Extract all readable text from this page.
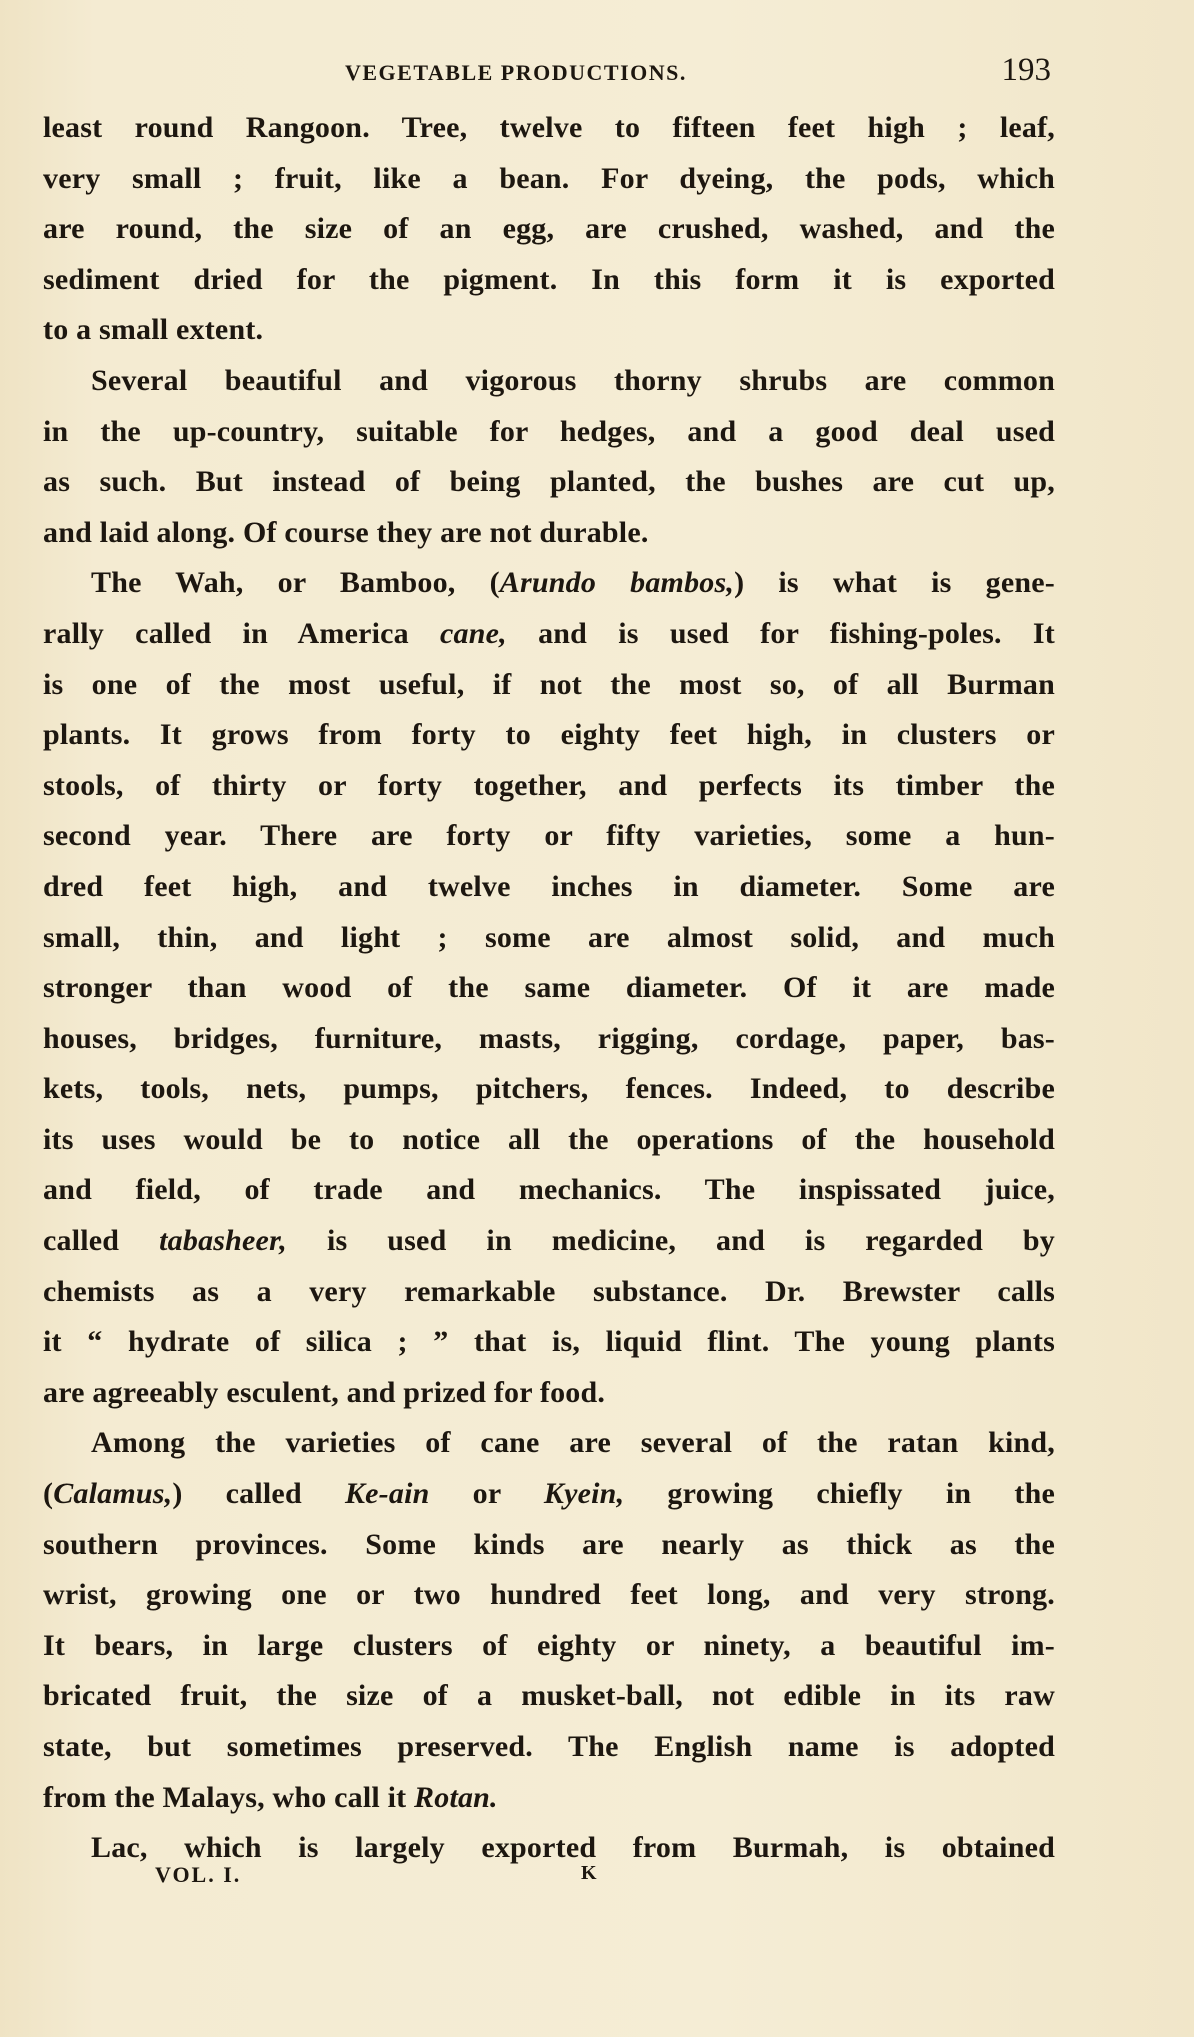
VEGETABLE PRODUCTIONS.	193
least round Rangoon. Tree, twelve to fifteen feet high ; leaf,
very small ; fruit, like a bean. For dyeing, the pods, which
are round, the size of an egg, are crushed, washed, and the
sediment dried for the pigment. In this form it is exported
to a small extent.
Several beautiful and vigorous thorny shrubs are common
in the up-country, suitable for hedges, and a good deal used
as such. But instead of being planted, the bushes are cut up,
and laid along. Of course they are not durable.
The Wah, or Bamboo, (Arundo bambos,) is what is gene-
rally called in America cane, and is used for fishing-poles. It
is one of the most useful, if not the most so, of all Burman
plants. It grows from forty to eighty feet high, in clusters or
stools, of thirty or forty together, and perfects its timber the
second year. There are forty or fifty varieties, some a hun-
dred feet high, and twelve inches in diameter. Some are
small, thin, and light ; some are almost solid, and much
stronger than wood of the same diameter. Of it are made
houses, bridges, furniture, masts, rigging, cordage, paper, bas-
kets, tools, nets, pumps, pitchers, fences. Indeed, to describe
its uses would be to notice all the operations of the household
and field, of trade and mechanics. The inspissated juice,
called tabasheer, is used in medicine, and is regarded by
chemists as a very remarkable substance. Dr. Brewster calls
it “ hydrate of silica ; ” that is, liquid flint. The young plants
are agreeably esculent, and prized for food.
Among the varieties of cane are several of the ratan kind,
(Calamus,) called Ke-ain or Kyein, growing chiefly in the
southern provinces. Some kinds are nearly as thick as the
wrist, growing one or two hundred feet long, and very strong.
It bears, in large clusters of eighty or ninety, a beautiful im-
bricated fruit, the size of a musket-ball, not edible in its raw
state, but sometimes preserved. The English name is adopted
from the Malays, who call it Rotan.
Lac, which is largely exported from Burmah, is obtained
VOL. I.	K
